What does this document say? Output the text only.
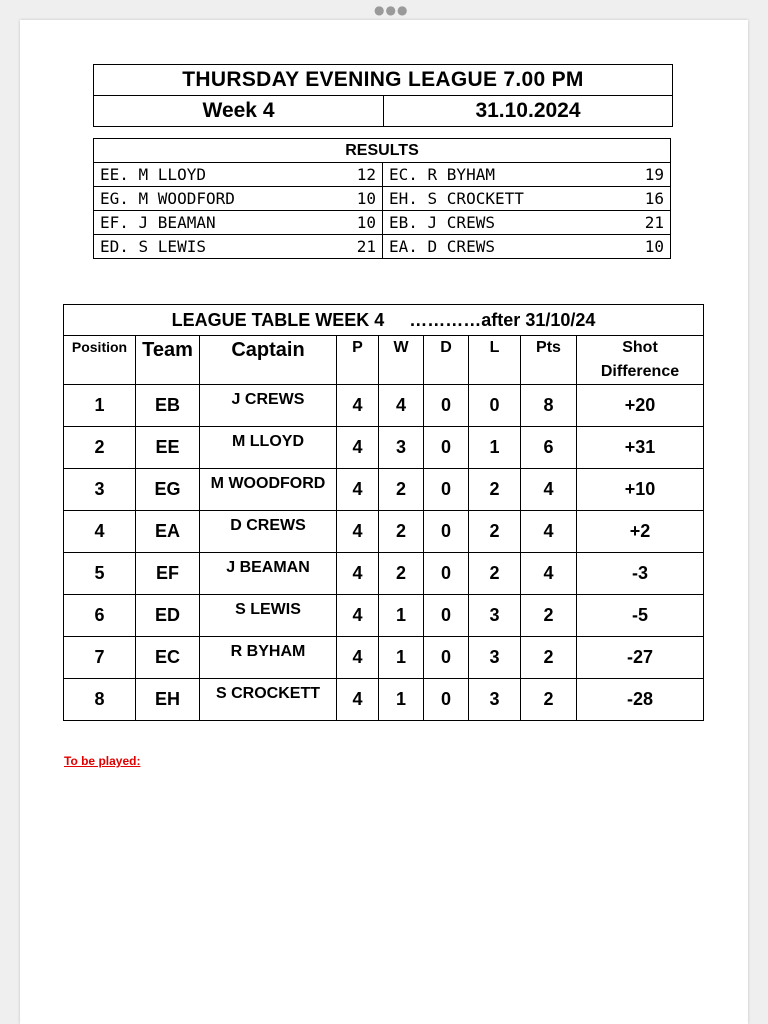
●●●
THURSDAY EVENING LEAGUE 7.00 PM
Week 4	31.10.2024
RESULTS			
EE. M LLOYD	12	EC. R BYHAM	19
EG. M WOODFORD	10	EH. S CROCKETT	16
EF. J BEAMAN	10	EB. J CREWS	21
ED. S LEWIS	21	EA. D CREWS	10
LEAGUE TABLE WEEK 4 …………after 31/10/24								
Position	Team	Captain	P	W	D	L	Pts	Shot
Difference
1	EB	J CREWS	4	4	0	0	8	+20
2	EE	M LLOYD	4	3	0	1	6	+31
3	EG	M WOODFORD	4	2	0	2	4	+10
4	EA	D CREWS	4	2	0	2	4	+2
5	EF	J BEAMAN	4	2	0	2	4	-3
6	ED	S LEWIS	4	1	0	3	2	-5
7	EC	R BYHAM	4	1	0	3	2	-27
8	EH	S CROCKETT	4	1	0	3	2	-28
To be played:
